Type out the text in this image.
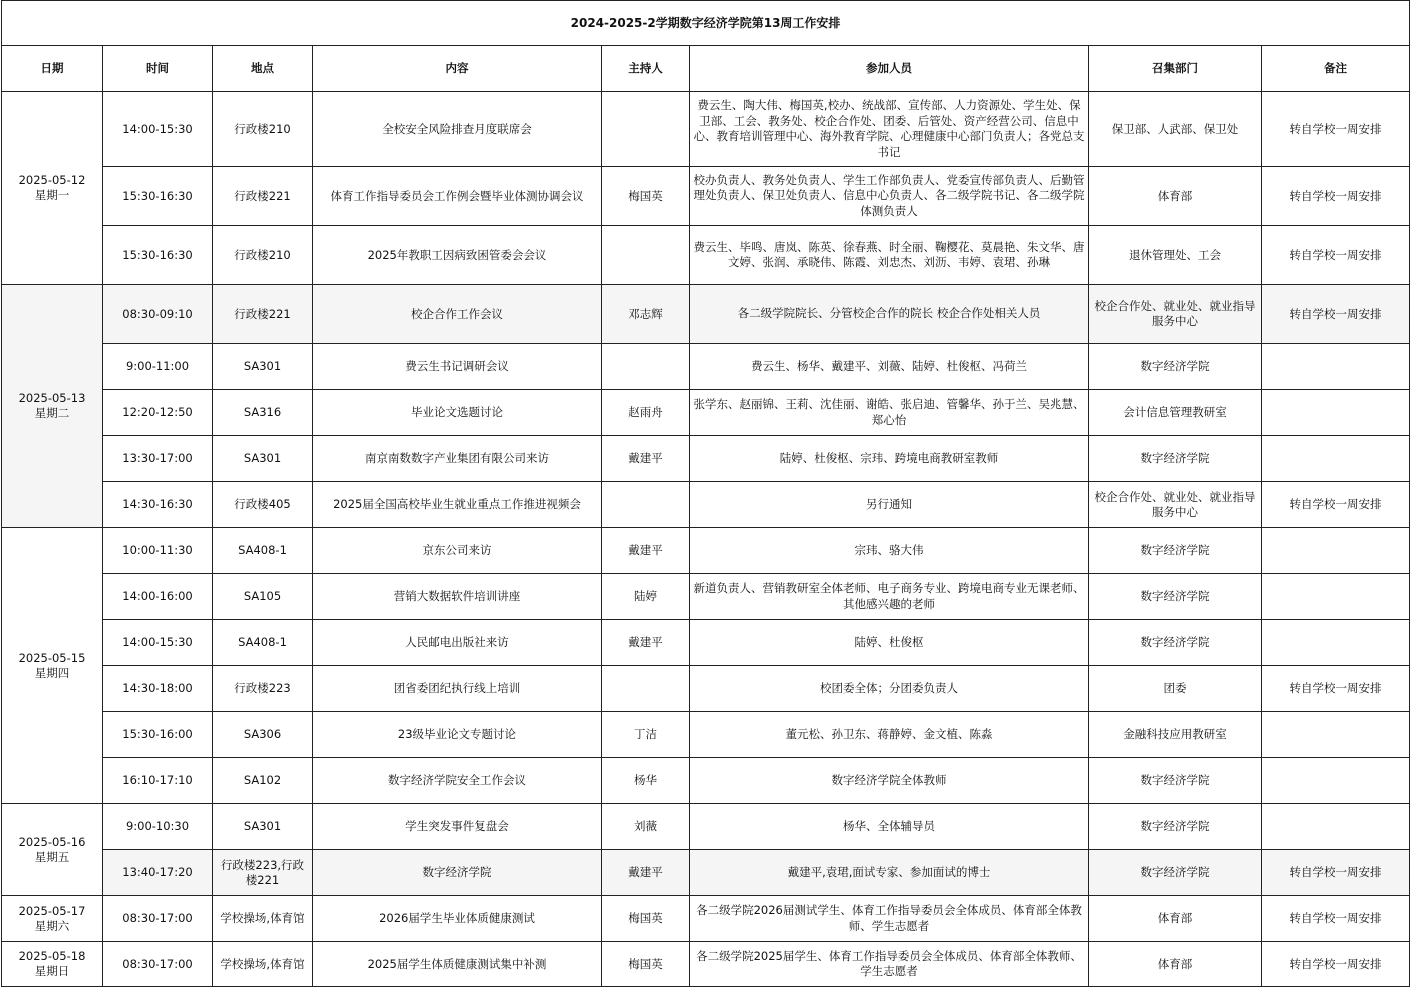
2024-2025-2学期数字经济学院第13周工作安排							
日期	时间	地点	内容	主持人	参加人员	召集部门	备注

2025-05-12
星期一	14:00-15:30	行政楼210	全校安全风险排查月度联席会		费云生、陶大伟、梅国英,校办、统战部、宣传部、人力资源处、学生处、保卫部、工会、教务处、校企合作处、团委、后管处、资产经营公司、信息中心、教育培训管理中心、海外教育学院、心理健康中心部门负责人；各党总支书记	保卫部、人武部、保卫处	转自学校一周安排
	15:30-16:30	行政楼221	体育工作指导委员会工作例会暨毕业体测协调会议	梅国英	校办负责人、教务处负责人、学生工作部负责人、党委宣传部负责人、后勤管理处负责人、保卫处负责人、信息中心负责人、各二级学院书记、各二级学院体测负责人	体育部	转自学校一周安排
	15:30-16:30	行政楼210	2025年教职工因病致困管委会会议		费云生、毕鸣、唐岚、陈英、徐春燕、时全丽、鞠樱花、莫晨艳、朱文华、唐文婷、张润、承晓伟、陈霞、刘忠杰、刘沥、韦婷、袁珺、孙琳	退休管理处、工会	转自学校一周安排

2025-05-13
星期二	08:30-09:10	行政楼221	校企合作工作会议	邓志辉	各二级学院院长、分管校企合作的院长 校企合作处相关人员	校企合作处、就业处、就业指导服务中心	转自学校一周安排
	9:00-11:00	SA301	费云生书记调研会议		费云生、杨华、戴建平、刘薇、陆婷、杜俊枢、冯荷兰	数字经济学院	
	12:20-12:50	SA316	毕业论文选题讨论	赵雨舟	张学东、赵丽锦、王莉、沈佳丽、谢皓、张启迪、管馨华、孙于兰、吴兆慧、郑心怡	会计信息管理教研室	
	13:30-17:00	SA301	南京南数数字产业集团有限公司来访	戴建平	陆婷、杜俊枢、宗玮、跨境电商教研室教师	数字经济学院	
	14:30-16:30	行政楼405	2025届全国高校毕业生就业重点工作推进视频会		另行通知	校企合作处、就业处、就业指导服务中心	转自学校一周安排

2025-05-15
星期四	10:00-11:30	SA408-1	京东公司来访	戴建平	宗玮、骆大伟	数字经济学院	
	14:00-16:00	SA105	营销大数据软件培训讲座	陆婷	新道负责人、营销教研室全体老师、电子商务专业、跨境电商专业无课老师、其他感兴趣的老师	数字经济学院	
	14:00-15:30	SA408-1	人民邮电出版社来访	戴建平	陆婷、杜俊枢	数字经济学院	
	14:30-18:00	行政楼223	团省委团纪执行线上培训		校团委全体；分团委负责人	团委	转自学校一周安排
	15:30-16:00	SA306	23级毕业论文专题讨论	丁洁	董元松、孙卫东、蒋静婷、金文植、陈淼	金融科技应用教研室	
	16:10-17:10	SA102	数字经济学院安全工作会议	杨华	数字经济学院全体教师	数字经济学院	

2025-05-16
星期五	9:00-10:30	SA301	学生突发事件复盘会	刘薇	杨华、全体辅导员	数字经济学院	
	13:40-17:20	行政楼223,行政楼221	数字经济学院	戴建平	戴建平,袁珺,面试专家、参加面试的博士	数字经济学院	转自学校一周安排

2025-05-17
星期六	08:30-17:00	学校操场,体育馆	2026届学生毕业体质健康测试	梅国英	各二级学院2026届测试学生、体育工作指导委员会全体成员、体育部全体教师、学生志愿者	体育部	转自学校一周安排

2025-05-18
星期日	08:30-17:00	学校操场,体育馆	2025届学生体质健康测试集中补测	梅国英	各二级学院2025届学生、体育工作指导委员会全体成员、体育部全体教师、学生志愿者	体育部	转自学校一周安排
